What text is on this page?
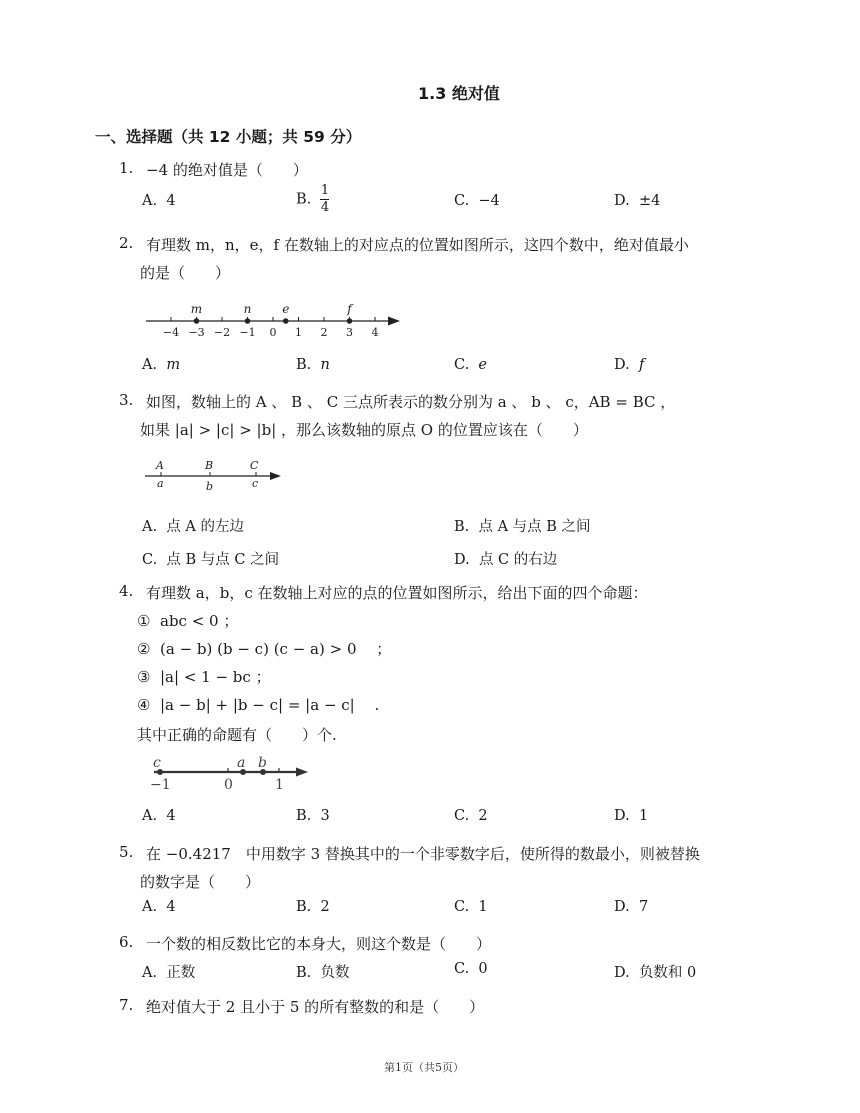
1.3 绝对值
一、选择题（共 12 小题；共 59 分）
1. −4 的绝对值是（　　）
A. 4	B. $\frac{1}{4}$	C. −4	D. ±4
2. 有理数 m，n，e，f 在数轴上的对应点的位置如图所示，这四个数中，绝对值最小
的是（　　）
−4 −3 −2 −1 0 1 2 3 4
m	n	e	f
A. m	B. n	C. e	D. f
3. 如图，数轴上的 A 、 B 、 C 三点所表示的数分别为 a 、 b 、 c，AB = BC ，
如果 |a| > |c| > |b| ，那么该数轴的原点 O 的位置应该在（　　）
A	B	C
a	b	c
A. 点 A 的左边	B. 点 A 与点 B 之间
C. 点 B 与点 C 之间	D. 点 C 的右边
4. 有理数 a，b，c 在数轴上对应的点的位置如图所示，给出下面的四个命题：
① abc < 0 ；
② (a − b) (b − c) (c − a) > 0　 ；
③ |a| < 1 − bc ；
④ |a − b| + |b − c| = |a − c|　 .
其中正确的命题有（　　）个.
c	a b
−1	0	1
A. 4	B. 3	C. 2	D. 1
5. 在 −0.4217　中用数字 3 替换其中的一个非零数字后，使所得的数最小，则被替换
的数字是（　　）
A. 4	B. 2	C. 1	D. 7
6. 一个数的相反数比它的本身大，则这个数是（　　）
A. 正数	B. 负数	C. 0	D. 负数和 0
7. 绝对值大于 2 且小于 5 的所有整数的和是（　　）
第1页（共5页）
